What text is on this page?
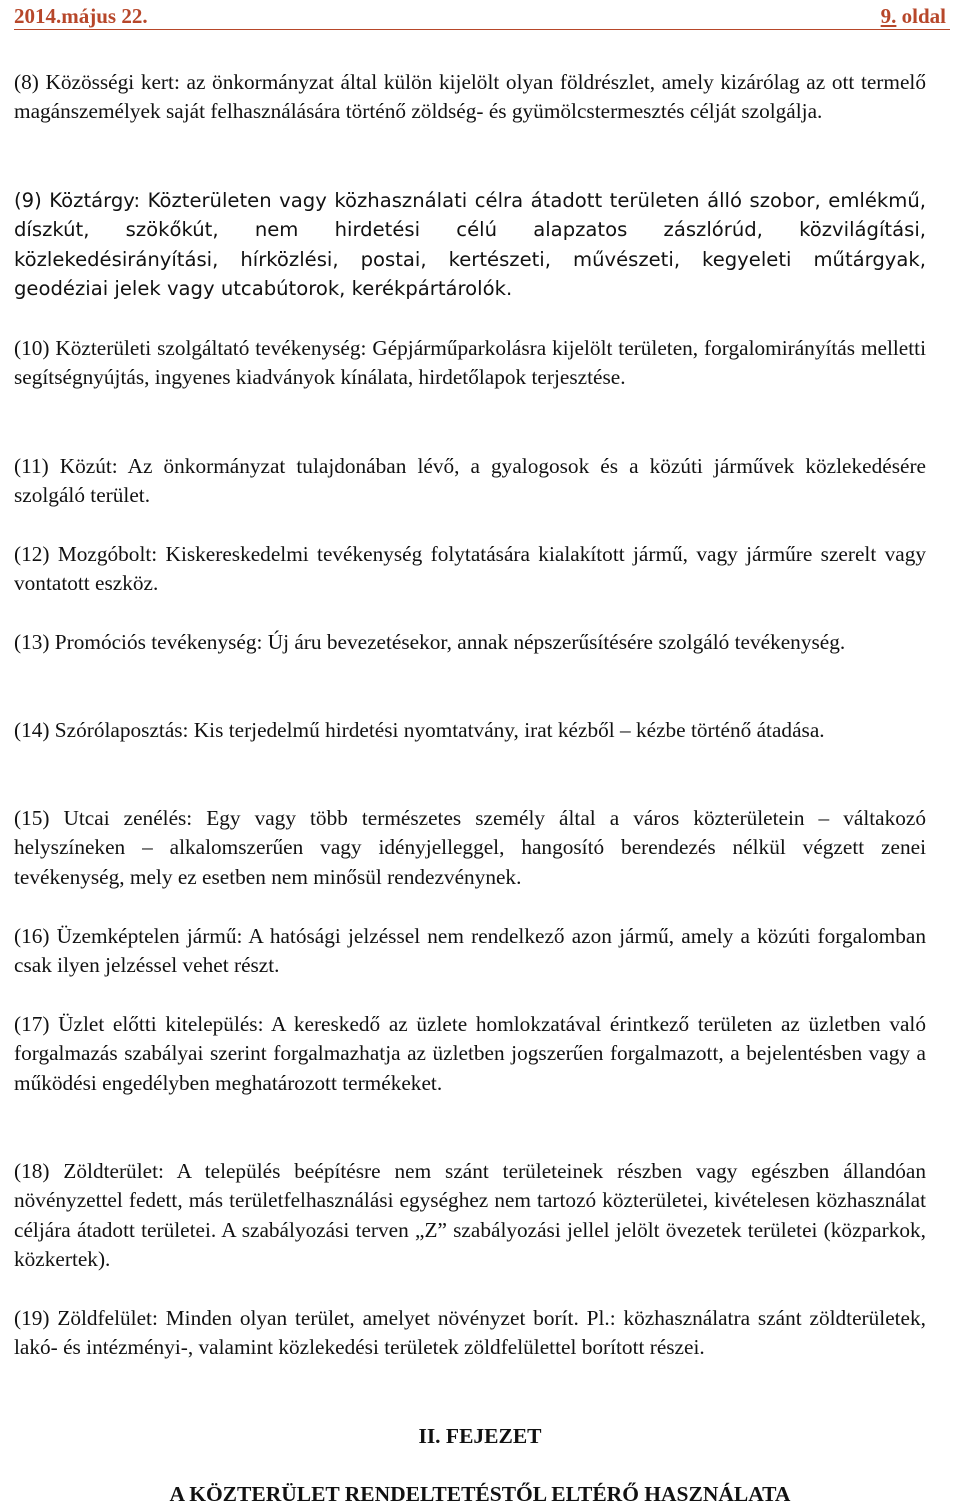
2014.május 22.	9. oldal

(8) Közösségi kert: az önkormányzat által külön kijelölt olyan földrészlet, amely kizárólag az ott termelő magánszemélyek saját felhasználására történő zöldség- és gyümölcstermesztés célját szolgálja.

(9) Köztárgy: Közterületen vagy közhasználati célra átadott területen álló szobor, emlékmű, díszkút, szökőkút, nem hirdetési célú alapzatos zászlórúd, közvilágítási, közlekedésirányítási, hírközlési, postai, kertészeti, művészeti, kegyeleti műtárgyak, geodéziai jelek vagy utcabútorok, kerékpártárolók.

(10) Közterületi szolgáltató tevékenység: Gépjárműparkolásra kijelölt területen, forgalomirányítás melletti segítségnyújtás, ingyenes kiadványok kínálata, hirdetőlapok terjesztése.

(11) Közút: Az önkormányzat tulajdonában lévő, a gyalogosok és a közúti járművek közlekedésére szolgáló terület.

(12) Mozgóbolt: Kiskereskedelmi tevékenység folytatására kialakított jármű, vagy járműre szerelt vagy vontatott eszköz.

(13) Promóciós tevékenység: Új áru bevezetésekor, annak népszerűsítésére szolgáló tevékenység.

(14) Szórólaposztás: Kis terjedelmű hirdetési nyomtatvány, irat kézből – kézbe történő átadása.

(15) Utcai zenélés: Egy vagy több természetes személy által a város közterületein – váltakozó helyszíneken – alkalomszerűen vagy idényjelleggel, hangosító berendezés nélkül végzett zenei tevékenység, mely ez esetben nem minősül rendezvénynek.

(16) Üzemképtelen jármű: A hatósági jelzéssel nem rendelkező azon jármű, amely a közúti forgalomban csak ilyen jelzéssel vehet részt.

(17) Üzlet előtti kitelepülés: A kereskedő az üzlete homlokzatával érintkező területen az üzletben való forgalmazás szabályai szerint forgalmazhatja az üzletben jogszerűen forgalmazott, a bejelentésben vagy a működési engedélyben meghatározott termékeket.

(18) Zöldterület: A település beépítésre nem szánt területeinek részben vagy egészben állandóan növényzettel fedett, más területfelhasználási egységhez nem tartozó közterületei, kivételesen közhasználat céljára átadott területei. A szabályozási terven „Z” szabályozási jellel jelölt övezetek területei (közparkok, közkertek).

(19) Zöldfelület: Minden olyan terület, amelyet növényzet borít. Pl.: közhasználatra szánt zöldterületek, lakó- és intézményi-, valamint közlekedési területek zöldfelülettel borított részei.

II. FEJEZET

A KÖZTERÜLET RENDELTETÉSTŐL ELTÉRŐ HASZNÁLATA
